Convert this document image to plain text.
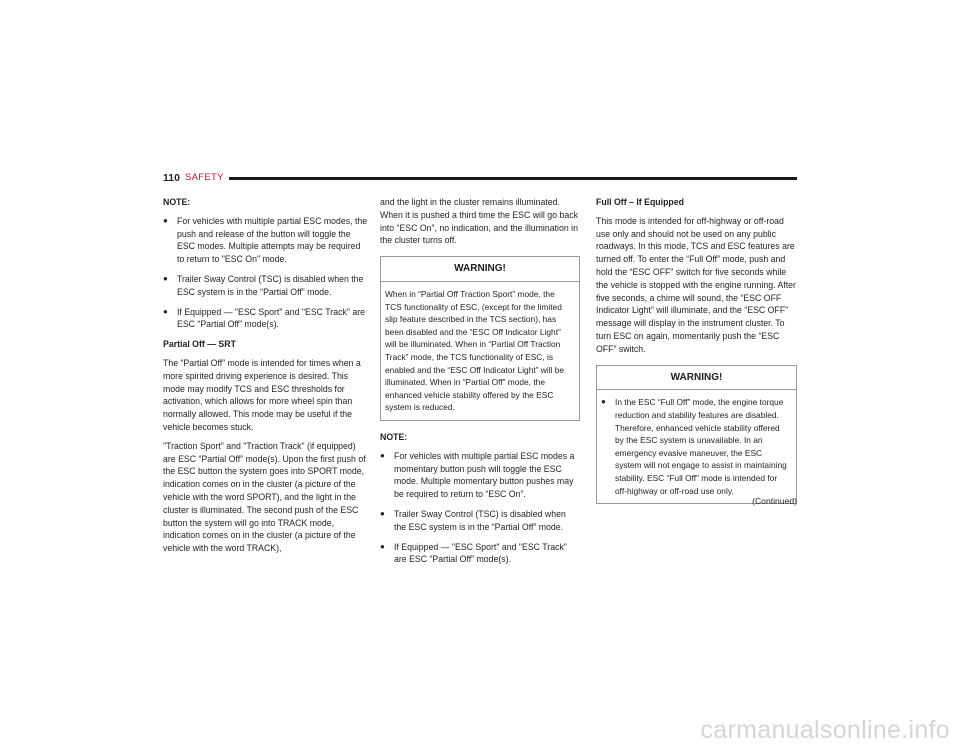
110 SAFETY

NOTE:

●	For vehicles with multiple partial ESC modes, the push and release of the button will toggle the ESC modes. Multiple attempts may be required to return to "ESC On" mode.
●	Trailer Sway Control (TSC) is disabled when the ESC system is in the “Partial Off” mode.
●	If Equipped — "ESC Sport" and "ESC Track" are ESC “Partial Off” mode(s).

Partial Off — SRT

The “Partial Off” mode is intended for times when a more spirited driving experience is desired. This mode may modify TCS and ESC thresholds for activation, which allows for more wheel spin than normally allowed. This mode may be useful if the vehicle becomes stuck.

"Traction Sport" and "Traction Track" (if equipped) are ESC “Partial Off” mode(s). Upon the first push of the ESC button the system goes into SPORT mode, indication comes on in the cluster (a picture of the vehicle with the word SPORT), and the light in the cluster is illuminated. The second push of the ESC button the system will go into TRACK mode, indication comes on in the cluster (a picture of the vehicle with the word TRACK),

and the light in the cluster remains illuminated. When it is pushed a third time the ESC will go back into “ESC On”, no indication, and the illumination in the cluster turns off.

WARNING!
When in “Partial Off Traction Sport” mode, the TCS functionality of ESC, (except for the limited slip feature described in the TCS section), has been disabled and the “ESC Off Indicator Light” will be illuminated. When in “Partial Off Traction Track” mode, the TCS functionality of ESC, is enabled and the “ESC Off Indicator Light” will be illuminated. When in “Partial Off” mode, the enhanced vehicle stability offered by the ESC system is reduced.

NOTE:

●	For vehicles with multiple partial ESC modes a momentary button push will toggle the ESC mode. Multiple momentary button pushes may be required to return to “ESC On”.
●	Trailer Sway Control (TSC) is disabled when the ESC system is in the “Partial Off” mode.
●	If Equipped — "ESC Sport" and "ESC Track" are ESC “Partial Off” mode(s).

Full Off – If Equipped

This mode is intended for off-highway or off-road use only and should not be used on any public roadways. In this mode, TCS and ESC features are turned off. To enter the “Full Off” mode, push and hold the “ESC OFF” switch for five seconds while the vehicle is stopped with the engine running. After five seconds, a chime will sound, the “ESC OFF Indicator Light” will illuminate, and the “ESC OFF” message will display in the instrument cluster. To turn ESC on again, momentarily push the “ESC OFF” switch.

WARNING!
●	In the ESC “Full Off” mode, the engine torque reduction and stability features are disabled. Therefore, enhanced vehicle stability offered by the ESC system is unavailable. In an emergency evasive maneuver, the ESC system will not engage to assist in maintaining stability. ESC “Full Off” mode is intended for off-highway or off-road use only.
(Continued)
carmanualsonline.info
